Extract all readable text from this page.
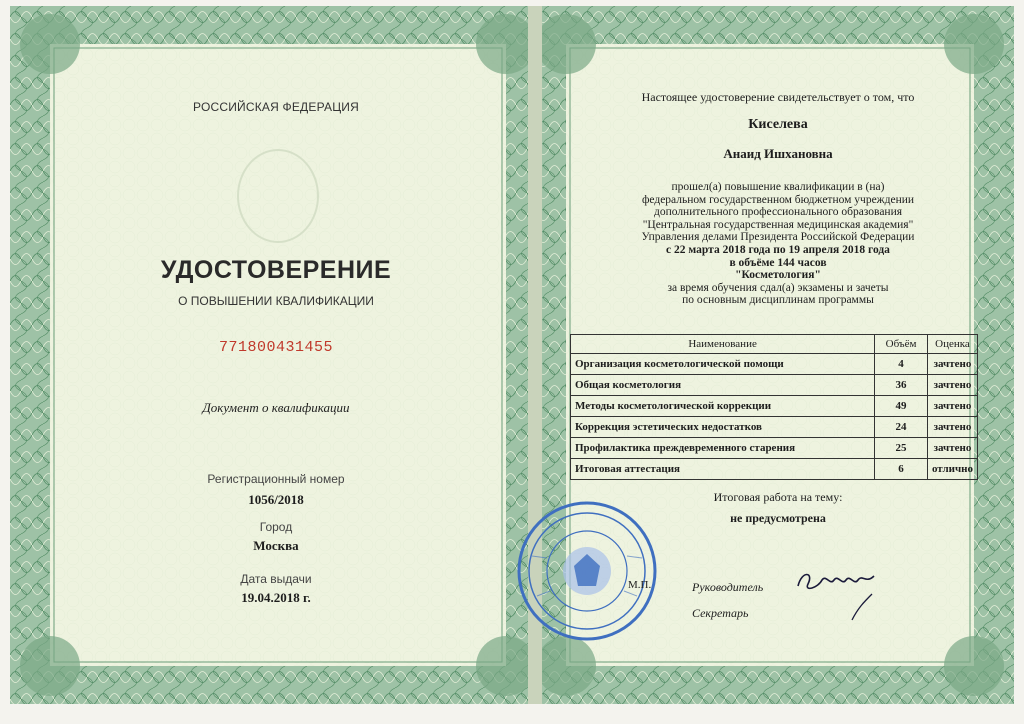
РОССИЙСКАЯ ФЕДЕРАЦИЯ
УДОСТОВЕРЕНИЕ
О ПОВЫШЕНИИ КВАЛИФИКАЦИИ
771800431455
Документ о квалификации
Регистрационный номер
1056/2018
Город
Москва
Дата выдачи
19.04.2018 г.
Настоящее удостоверение свидетельствует о том, что
Киселева
Анаид Ишхановна
прошел(а) повышение квалификации в (на)
федеральном государственном бюджетном учреждении
дополнительного профессионального образования
"Центральная государственная медицинская академия"
Управления делами Президента Российской Федерации
с 22 марта 2018 года по 19 апреля 2018 года
в объёме 144 часов
"Косметология"
за время обучения сдал(а) экзамены и зачеты
по основным дисциплинам программы
Наименование	Объём	Оценка
Организация косметологической помощи	4	зачтено
Общая косметология	36	зачтено
Методы косметологической коррекции	49	зачтено
Коррекция эстетических недостатков	24	зачтено
Профилактика преждевременного старения	25	зачтено
Итоговая аттестация	6	отлично
Итоговая работа на тему:
не предусмотрена
М.П.	Руководитель
Секретарь
